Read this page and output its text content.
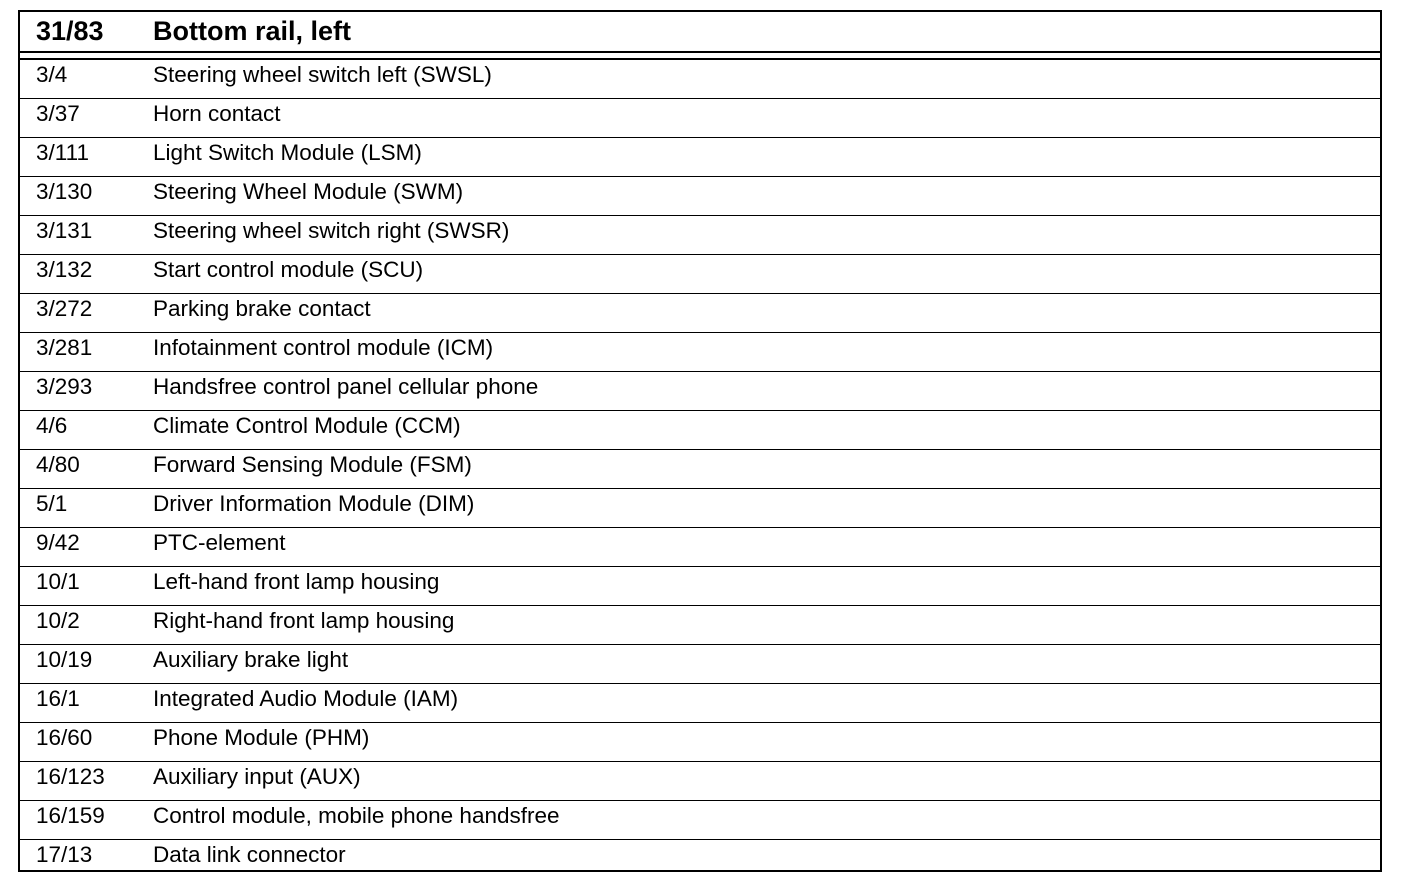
31/83 Bottom rail, left
3/4	Steering wheel switch left (SWSL)
3/37	Horn contact
3/111	Light Switch Module (LSM)
3/130	Steering Wheel Module (SWM)
3/131	Steering wheel switch right (SWSR)
3/132	Start control module (SCU)
3/272	Parking brake contact
3/281	Infotainment control module (ICM)
3/293	Handsfree control panel cellular phone
4/6	Climate Control Module (CCM)
4/80	Forward Sensing Module (FSM)
5/1	Driver Information Module (DIM)
9/42	PTC-element
10/1	Left-hand front lamp housing
10/2	Right-hand front lamp housing
10/19	Auxiliary brake light
16/1	Integrated Audio Module (IAM)
16/60	Phone Module (PHM)
16/123 Auxiliary input (AUX)
16/159 Control module, mobile phone handsfree
17/13	Data link connector
